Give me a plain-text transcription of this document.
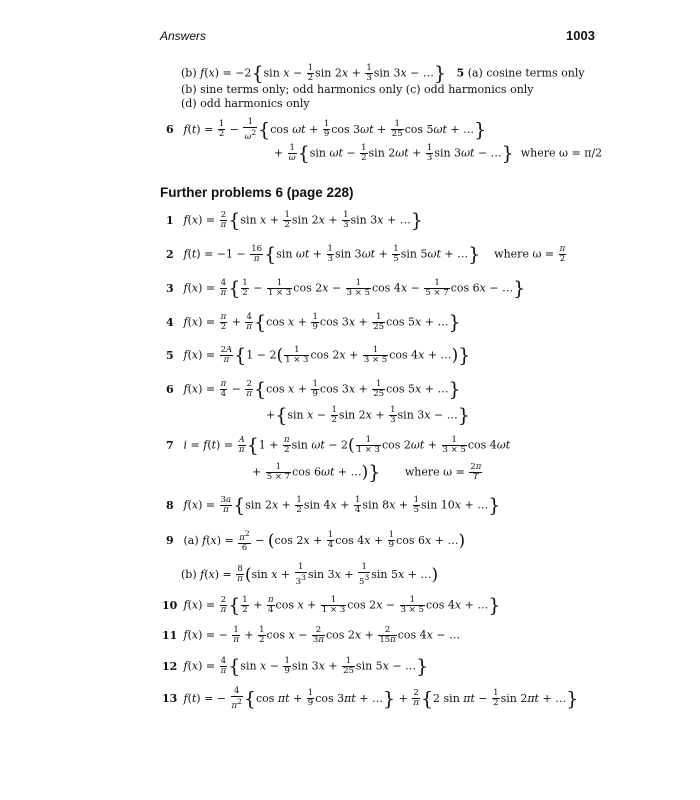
Answers	1003
(b) f(x) = −2{sin $x - \frac{1}{2}$ $\sin 2x + \frac{1}{3}$ sin 3x − …} 5 (a) cosine terms only
(b) sine terms only; odd harmonics only (c) odd harmonics only
(d) odd harmonics only
6 $f(t) = \frac{1}{2} - \frac{1}{\omega^2} \{\cos$ $\omega t + \frac{1}{9}$ $\cos 3\omega t + \frac{1}{25}$ cos 5ωt + …}
+ $\frac{1}{\omega} \{\sin$ $\omega t - \frac{1}{2}$ $\sin 2\omega t + \frac{1}{3}$ sin 3ωt − …} where ω = π/2
Further problems 6 (page 228)
1 $f(x) = \frac{2}{\pi} \{\sin$ $x + \frac{1}{2}$ $\sin 2x + \frac{1}{3}$ sin 3x + …}
2 $f(t) = -1 - \frac{16}{\pi} \{\sin$ $\omega t + \frac{1}{3}$ $\sin 3\omega t + \frac{1}{5}$ sin 5ωt + …} where $\omega = \frac{\pi}{2}$
3 $f(x) = \frac{4}{\pi}$ { $\frac{1}{2} - \frac{1}{1 \times 3}$ $\cos 2x - \frac{1}{3 \times 5}$ $\cos 4x - \frac{1}{5 \times 7}$ cos 6x − …}
4 $f(x) = \frac{\pi}{2} + \frac{4}{\pi} \{\cos$ $x + \frac{1}{9}$ $\cos 3x + \frac{1}{25}$ cos 5x + …}
5 $f(x) = \frac{2A}{\pi} \{1 - 2( \frac{1}{1 \times 3}$ $\cos 2x + \frac{1}{3 \times 5}$ cos 4x + …)}
6 $f(x) = \frac{\pi}{4} - \frac{2}{\pi} \{\cos$ $x + \frac{1}{9}$ $\cos 3x + \frac{1}{25}$ cos 5x + …}
+{sin $x - \frac{1}{2}$ $\sin 2x + \frac{1}{3}$ sin 3x − …}
7 $i = f(t) = \frac{A}{\pi} \{1 + \frac{\pi}{2}$ $\sin \omega t - 2( \frac{1}{1 \times 3}$ $\cos 2\omega t + \frac{1}{3 \times 5}$ cos 4ωt
+ $\frac{1}{5 \times 7}$ cos 6ωt + …)} where $\omega = \frac{2\pi}{T}$
8 $f(x) = \frac{3a}{\pi} \{\sin$ $2x + \frac{1}{2}$ $\sin 4x + \frac{1}{4}$ $\sin 8x + \frac{1}{5}$ sin 10x + …}
9 (a) $f(x) = \frac{\pi^2}{6} - (\cos$ $2x + \frac{1}{4}$ $\cos 4x + \frac{1}{9}$ cos 6x + …)
(b) $f(x) = \frac{8}{\pi} (\sin$ $x + \frac{1}{3^3}$ $\sin 3x + \frac{1}{5^3}$ sin 5x + …)
10 $f(x) = \frac{2}{\pi}$ { $\frac{1}{2} + \frac{\pi}{4}$ $\cos x + \frac{1}{1 \times 3}$ $\cos 2x - \frac{1}{3 \times 5}$ cos 4x + …}
11 f(x) = − $\frac{1}{\pi} + \frac{1}{2}$ $\cos x - \frac{2}{3\pi}$ $\cos 2x + \frac{2}{15\pi}$ cos 4x − …
12 $f(x) = \frac{4}{\pi} \{\sin$ $x - \frac{1}{9}$ $\sin 3x + \frac{1}{25}$ sin 5x − …}
13 f(t) = − $\frac{4}{\pi^2} \{\cos$ $\pi t + \frac{1}{9}$ cos 3πt + …} + $\frac{2}{\pi} \{2$ $\sin \pi t - \frac{1}{2}$ sin 2πt + …}
